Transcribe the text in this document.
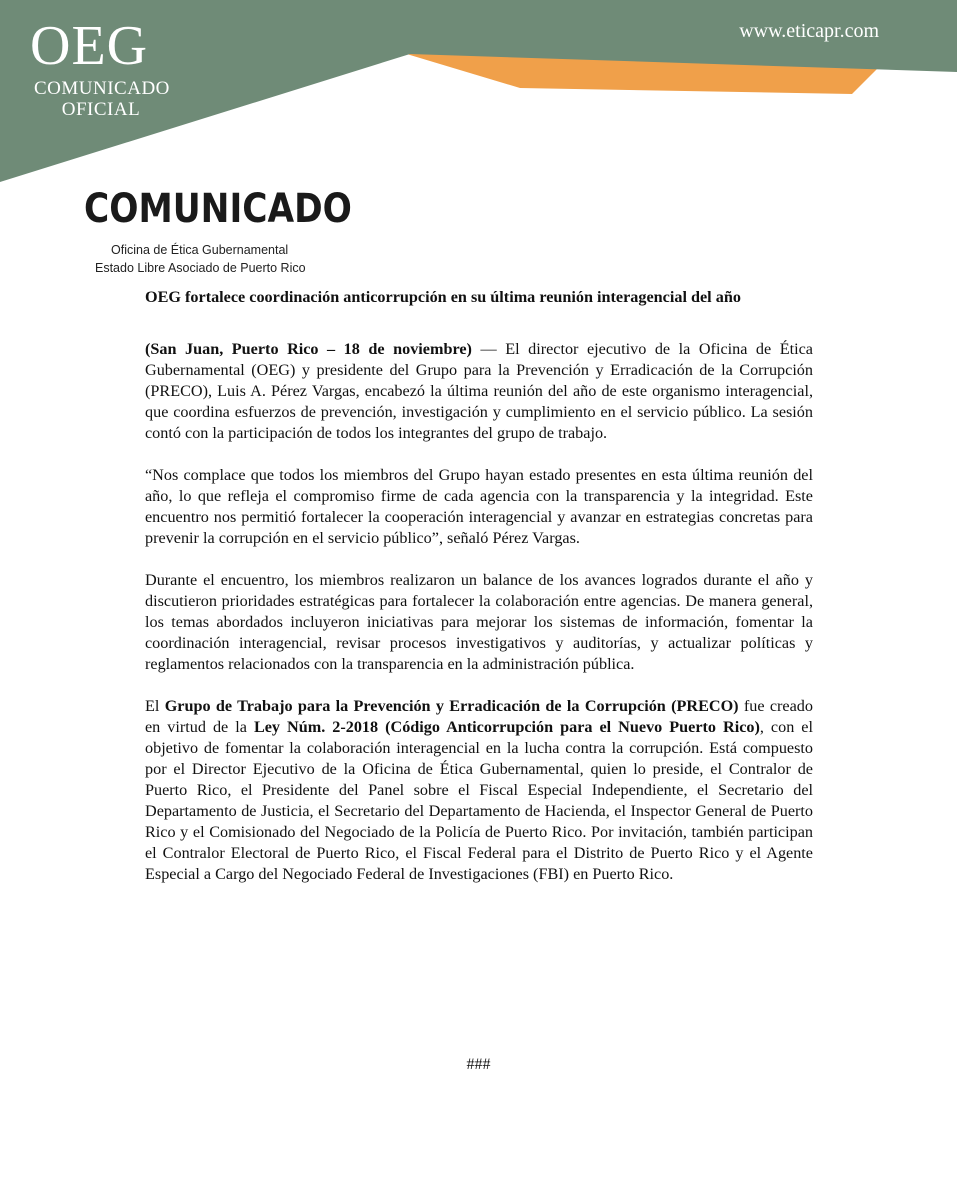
OEG
COMUNICADO
OFICIAL
www.eticapr.com
COMUNICADO
Oficina de Ética Gubernamental
Estado Libre Asociado de Puerto Rico
OEG fortalece coordinación anticorrupción en su última reunión interagencial del año

(San Juan, Puerto Rico – 18 de noviembre) — El director ejecutivo de la Oficina de Ética Gubernamental (OEG) y presidente del Grupo para la Prevención y Erradicación de la Corrupción (PRECO), Luis A. Pérez Vargas, encabezó la última reunión del año de este organismo interagencial, que coordina esfuerzos de prevención, investigación y cumplimiento en el servicio público. La sesión contó con la participación de todos los integrantes del grupo de trabajo.

“Nos complace que todos los miembros del Grupo hayan estado presentes en esta última reunión del año, lo que refleja el compromiso firme de cada agencia con la transparencia y la integridad. Este encuentro nos permitió fortalecer la cooperación interagencial y avanzar en estrategias concretas para prevenir la corrupción en el servicio público”, señaló Pérez Vargas.

Durante el encuentro, los miembros realizaron un balance de los avances logrados durante el año y discutieron prioridades estratégicas para fortalecer la colaboración entre agencias. De manera general, los temas abordados incluyeron iniciativas para mejorar los sistemas de información, fomentar la coordinación interagencial, revisar procesos investigativos y auditorías, y actualizar políticas y reglamentos relacionados con la transparencia en la administración pública.

El Grupo de Trabajo para la Prevención y Erradicación de la Corrupción (PRECO) fue creado en virtud de la Ley Núm. 2-2018 (Código Anticorrupción para el Nuevo Puerto Rico), con el objetivo de fomentar la colaboración interagencial en la lucha contra la corrupción. Está compuesto por el Director Ejecutivo de la Oficina de Ética Gubernamental, quien lo preside, el Contralor de Puerto Rico, el Presidente del Panel sobre el Fiscal Especial Independiente, el Secretario del Departamento de Justicia, el Secretario del Departamento de Hacienda, el Inspector General de Puerto Rico y el Comisionado del Negociado de la Policía de Puerto Rico. Por invitación, también participan el Contralor Electoral de Puerto Rico, el Fiscal Federal para el Distrito de Puerto Rico y el Agente Especial a Cargo del Negociado Federal de Investigaciones (FBI) en Puerto Rico.

###
